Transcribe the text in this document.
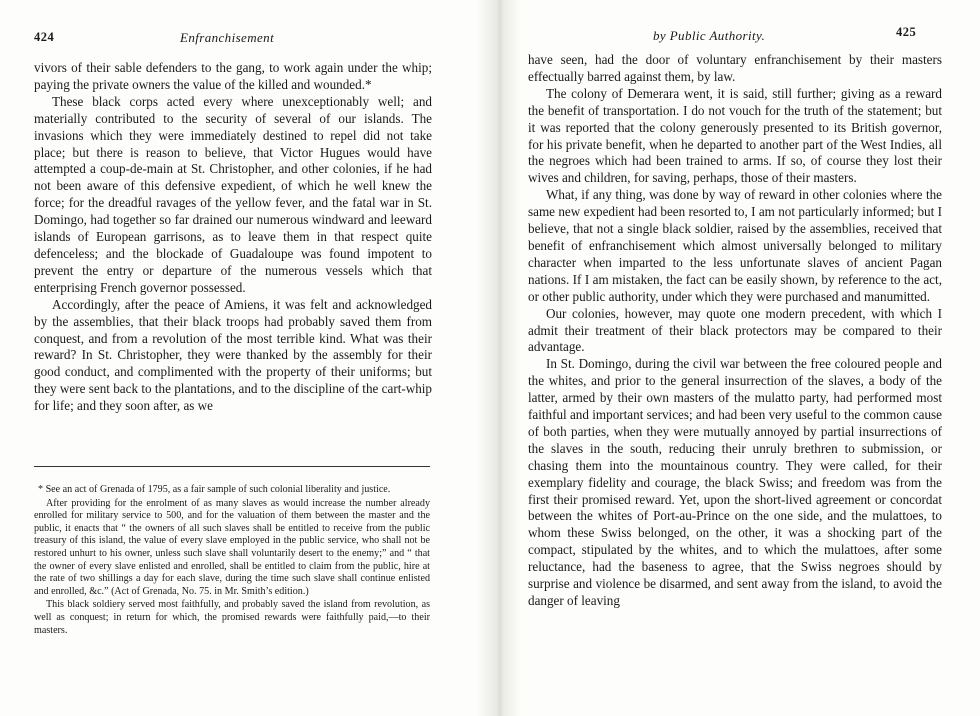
424	Enfranchisement

vivors of their sable defenders to the gang, to work again under the whip; paying the private owners the value of the killed and wounded.*

These black corps acted every where unexceptionably well; and materially contributed to the security of several of our islands. The invasions which they were immediately destined to repel did not take place; but there is reason to believe, that Victor Hugues would have attempted a coup-de-main at St. Christopher, and other colonies, if he had not been aware of this defensive expedient, of which he well knew the force; for the dreadful ravages of the yellow fever, and the fatal war in St. Domingo, had together so far drained our numerous windward and leeward islands of European garrisons, as to leave them in that respect quite defenceless; and the blockade of Guadaloupe was found impotent to prevent the entry or departure of the numerous vessels which that enterprising French governor possessed.

Accordingly, after the peace of Amiens, it was felt and acknowledged by the assemblies, that their black troops had probably saved them from conquest, and from a revolution of the most terrible kind. What was their reward? In St. Christopher, they were thanked by the assembly for their good conduct, and complimented with the property of their uniforms; but they were sent back to the plantations, and to the discipline of the cart-whip for life; and they soon after, as we

* See an act of Grenada of 1795, as a fair sample of such colonial liberality and justice.

After providing for the enrolment of as many slaves as would increase the number already enrolled for military service to 500, and for the valuation of them between the master and the public, it enacts that “ the owners of all such slaves shall be entitled to receive from the public treasury of this island, the value of every slave employed in the public service, who shall not be restored unhurt to his owner, unless such slave shall voluntarily desert to the enemy;” and “ that the owner of every slave enlisted and enrolled, shall be entitled to claim from the public, hire at the rate of two shillings a day for each slave, during the time such slave shall continue enlisted and enrolled, &c.” (Act of Grenada, No. 75. in Mr. Smith’s edition.)

This black soldiery served most faithfully, and probably saved the island from revolution, as well as conquest; in return for which, the promised rewards were faithfully paid,—to their masters.

by Public Authority.	425

have seen, had the door of voluntary enfranchisement by their masters effectually barred against them, by law.

The colony of Demerara went, it is said, still further; giving as a reward the benefit of transportation. I do not vouch for the truth of the statement; but it was reported that the colony generously presented to its British governor, for his private benefit, when he departed to another part of the West Indies, all the negroes which had been trained to arms. If so, of course they lost their wives and children, for saving, perhaps, those of their masters.

What, if any thing, was done by way of reward in other colonies where the same new expedient had been resorted to, I am not particularly informed; but I believe, that not a single black soldier, raised by the assemblies, received that benefit of enfranchisement which almost universally belonged to military character when imparted to the less unfortunate slaves of ancient Pagan nations. If I am mistaken, the fact can be easily shown, by reference to the act, or other public authority, under which they were purchased and manumitted.

Our colonies, however, may quote one modern precedent, with which I admit their treatment of their black protectors may be compared to their advantage.

In St. Domingo, during the civil war between the free coloured people and the whites, and prior to the general insurrection of the slaves, a body of the latter, armed by their own masters of the mulatto party, had performed most faithful and important services; and had been very useful to the common cause of both parties, when they were mutually annoyed by partial insurrections of the slaves in the south, reducing their unruly brethren to submission, or chasing them into the mountainous country. They were called, for their exemplary fidelity and courage, the black Swiss; and freedom was from the first their promised reward. Yet, upon the short-lived agreement or concordat between the whites of Port-au-Prince on the one side, and the mulattoes, to whom these Swiss belonged, on the other, it was a shocking part of the compact, stipulated by the whites, and to which the mulattoes, after some reluctance, had the baseness to agree, that the Swiss negroes should by surprise and violence be disarmed, and sent away from the island, to avoid the danger of leaving
